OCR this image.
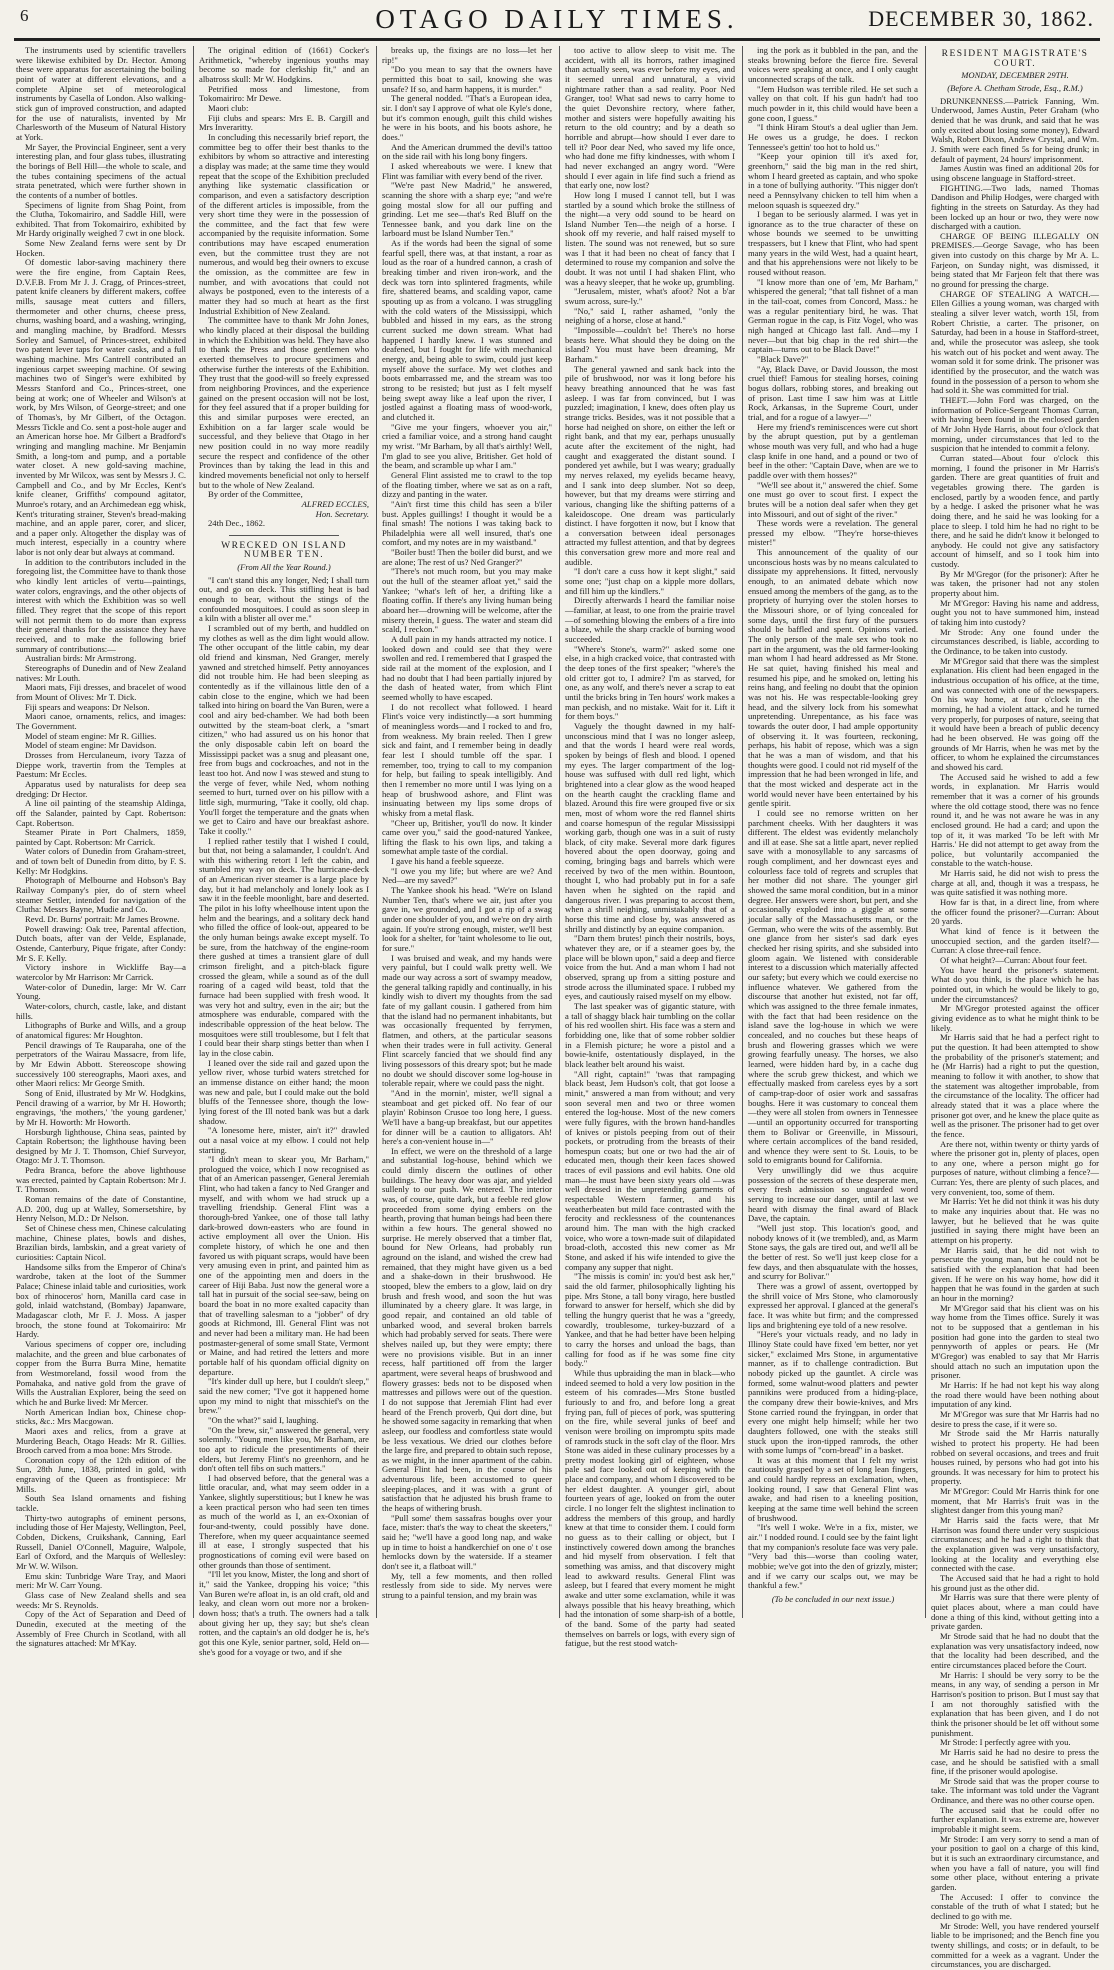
6	OTAGO DAILY TIMES.	DECEMBER 30, 1862.

The instruments used by scientific travellers were likewise exhibited by Dr. Hector. Among these were apparatus for ascertaining the boiling point of water at different elevations, and a complete Alpine set of meteorological instruments by Casella of London. Also walking-stick gun of improved construction, and adapted for the use of naturalists, invented by Mr Charlesworth of the Museum of Natural History at York.

Mr Sayer, the Provincial Engineer, sent a very interesting plan, and four glass tubes, illustrating the borings of Bell Hill—the whole to scale, and the tubes containing specimens of the actual strata penetrated, which were further shown in the contents of a number of bottles.

Specimens of lignite from Shag Point, from the Clutha, Tokomairiro, and Saddle Hill, were exhibited. That from Tokomairiro, exhibited by Mr Hardy originally weighed 7 cwt in one block.

Some New Zealand ferns were sent by Dr Hocken.

Of domestic labor-saving machinery there were the fire engine, from Captain Rees, D.V.F.B. From Mr J. J. Cragg, of Princes-street, patent knife cleaners by different makers, coffee mills, sausage meat cutters and fillers, thermometer and other churns, cheese press, churns, washing board, and a washing, wringing, and mangling machine, by Bradford. Messrs Sorley and Samuel, of Princes-street, exhibited two patent lever taps for water casks, and a full washing machine. Mrs Cantrell contributed an ingenious carpet sweeping machine. Of sewing machines two of Singer's were exhibited by Messrs Stanford and Co., Princes-street, one being at work; one of Wheeler and Wilson's at work, by Mrs Wilson, of George-street; and one of Thomas's, by Mr Gilbert, of the Octagon. Messrs Tickle and Co. sent a post-hole auger and an American horse hoe. Mr Gilbert a Bradford's wringing and mangling machine. Mr Benjamin Smith, a long-tom and pump, and a portable water closet. A new gold-saving machine, invented by Mr Wilcox, was sent by Messrs J. C. Campbell and Co., and by Mr Eccles, Kent's knife cleaner, Griffiths' compound agitator, Munroe's rotary, and an Archimedean egg whisk, Kent's triturating strainer, Steven's bread-making machine, and an apple parer, corer, and slicer, and a paper only. Altogether the display was of much interest, especially in a country where labor is not only dear but always at command.

In addition to the contributors included in the foregoing list, the Committee have to thank those who kindly lent articles of vertu—paintings, water colors, engravings, and the other objects of interest with which the Exhibition was so well filled. They regret that the scope of this report will not permit them to do more than express their general thanks for the assistance they have received, and to make the following brief summary of contributions:—

Australian birds: Mr Armstrong.

Stereographs of Dunedin and of New Zealand natives: Mr Louth.

Maori mats, Fiji dresses, and bracelet of wood from Mount of Olives: Mr T. Dick.

Fiji spears and weapons: Dr Nelson.

Maori canoe, ornaments, relics, and images: The Government.

Model of steam engine: Mr R. Gillies.

Model of steam engine: Mr Davidson.

Drosses from Herculaneum, ivory Tazza of Dieppe work, travertin from the Temples at Paestum: Mr Eccles.

Apparatus used by naturalists for deep sea dredging: Dr Hector.

A line oil painting of the steamship Aldinga, off the Salander, painted by Capt. Robertson: Capt. Robertson.

Steamer Pirate in Port Chalmers, 1859, painted by Capt. Robertson: Mr Carrick.

Water colors of Dunedin from Graham-street, and of town belt of Dunedin from ditto, by F. S. Kelly: Mr Hodgkins.

Photograph of Melbourne and Hobson's Bay Railway Company's pier, do of stern wheel steamer Settler, intended for navigation of the Clutha: Messrs Bayne, Mudie and Co.

Revd. Dr. Burns' portrait: Mr James Browne.

Powell drawing: Oak tree, Parental affection, Dutch boats, after van der Velde, Esplanade, Ostende, Canterbury, Pique frigate, after Condy: Mr S. F. Kelly.

Victory inshore in Wickliffe Bay—a watercolor by Mr Harrison: Mr Carrick.

Water-color of Dunedin, large: Mr W. Carr Young.

Water-colors, church, castle, lake, and distant hills.

Lithographs of Burke and Wills, and a group of anatomical figures: Mr Houghton.

Pencil drawings of Te Rauparaha, one of the perpetrators of the Wairau Massacre, from life, by Mr Edwin Abbott. Stereoscope showing successively 100 stereographs, Maori axes, and other Maori relics: Mr George Smith.

Song of Enid, illustrated by Mr W. Hodgkins, Pencil drawing of a warrior, by Mr H. Howorth; engravings, 'the mothers,' 'the young gardener,' by Mr H. Howorth: Mr Howorth.

Horsburgh lighthouse, China seas, painted by Captain Robertson; the lighthouse having been designed by Mr J. T. Thomson, Chief Surveyor, Otago: Mr J. T. Thomson.

Pedra Branca, before the above lighthouse was erected, painted by Captain Robertson: Mr J. T. Thomson.

Roman remains of the date of Constantine, A.D. 200, dug up at Walley, Somersetshire, by Henry Nelson, M.D.: Dr Nelson.

Set of Chinese chess men, Chinese calculating machine, Chinese plates, bowls and dishes, Brazilian birds, lambskin, and a great variety of curiosities: Captain Nicol.

Handsome silks from the Emperor of China's wardrobe, taken at the loot of the Summer Palace; Chinese inlaid table and curiosities, work box of rhinoceros' horn, Manilla card case in gold, inlaid watchstand, (Bombay) Japanware, Madagascar cloth, Mr F. J. Moss. A jasper brooch, the stone found at Tokomairiro: Mr Hardy.

Various specimens of copper ore, including malachite, and the green and blue carbonates of copper from the Burra Burra Mine, hematite from Westmoreland, fossil wood from the Pomahaka, and native gold from the grave of Wills the Australian Explorer, being the seed on which he and Burke lived: Mr Mercer.

North American Indian box, Chinese chop-sticks, &c.: Mrs Macgowan.

Maori axes and relics, from a grave at Murdering Beach, Otago Heads: Mr R. Gillies. Brooch carved from a moa bone: Mrs Strode.

Coronation copy of the 12th edition of the Sun, 28th June, 1838, printed in gold, with engraving of the Queen as frontispiece: Mr Mills.

South Sea Island ornaments and fishing tackle.

Thirty-two autographs of eminent persons, including those of Her Majesty, Wellington, Peel, Cobden, Dickens, Cruikshank, Canning, Earl Russell, Daniel O'Connell, Maguire, Walpole, Earl of Oxford, and the Marquis of Wellesley: Mr W. W. Wilson.

Emu skin: Tunbridge Ware Tray, and Maori meri: Mr W. Carr Young.

Glass case of New Zealand shells and sea weeds: Mr S. Reynolds.

Copy of the Act of Separation and Deed of Dunedin, executed at the meeting of the Assembly of Free Church in Scotland, with all the signatures attached: Mr M'Kay.

The original edition of (1661) Cocker's Arithmetick, "whereby ingenious youths may become so made for clerkship fit," and an albatross skull: Mr W. Hodgkins.

Petrified moss and limestone, from Tokomairiro: Mr Dewe.

Maori club:

Fiji clubs and spears: Mrs E. B. Cargill and Mrs Inveraritty.

In concluding this necessarily brief report, the committee beg to offer their best thanks to the exhibitors by whom so attractive and interesting a display was made; at the same time they would repeat that the scope of the Exhibition precluded anything like systematic classification or comparison, and even a satisfactory description of the different articles is impossible, from the very short time they were in the possession of the committee, and the fact that few were accompanied by the requisite information. Some contributions may have escaped enumeration even, but the committee trust they are not numerous, and would beg their owners to excuse the omission, as the committee are few in number, and with avocations that could not always be postponed, even to the interests of a matter they had so much at heart as the first Industrial Exhibition of New Zealand.

The committee have to thank Mr John Jones, who kindly placed at their disposal the building in which the Exhibition was held. They have also to thank the Press and those gentlemen who exerted themselves to procure specimens and otherwise further the interests of the Exhibition. They trust that the good-will so freely expressed from neighboring Provinces, and the experience gained on the present occasion will not be lost, for they feel assured that if a proper building for this and similar purposes were erected, an Exhibition on a far larger scale would be successful, and they believe that Otago in her new position could in no way more readily secure the respect and confidence of the other Provinces than by taking the lead in this and kindred movements beneficial not only to herself but to the whole of New Zealand.

By order of the Committee,

ALFRED ECCLES,

Hon. Secretary.

24th Dec., 1862.

WRECKED ON ISLAND NUMBER TEN.

(From All the Year Round.)

"I can't stand this any longer, Ned; I shall turn out, and go on deck. This stifling heat is bad enough to bear, without the stings of the confounded mosquitoes. I could as soon sleep in a kiln with a blister all over me."

I scrambled out of my berth, and huddled on my clothes as well as the dim light would allow. The other occupant of the little cabin, my dear old friend and kinsman, Ned Granger, merely yawned and stretched himself. Petty annoyances did not trouble him. He had been sleeping as contentedly as if the villainous little den of a cabin close to the engine, which we had been talked into hiring on board the Van Buren, were a cool and airy bed-chamber. We had both been outwitted by the steam-boat clerk, a "smart citizen," who had assured us on his honor that the only disposable cabin left on board the Mississippi packet was a snug and pleasant one, free from bugs and cockroaches, and not in the least too hot. And now I was stewed and stung to the verge of fever, while Ned, whom nothing seemed to hurt, turned over on his pillow with a little sigh, murmuring, "Take it coolly, old chap. You'll forget the temperature and the gnats when we get to Cairo and have our breakfast ashore. Take it coolly."

I replied rather testily that I wished I could, but that, not being a salamander, I couldn't. And with this withering retort I left the cabin, and stumbled my way on deck. The hurricane-deck of an American river steamer is a large place by day, but it had melancholy and lonely look as I saw it in the feeble moonlight, bare and deserted. The pilot in his lofty wheelhouse intent upon the helm and the bearings, and a solitary deck hand who filled the office of look-out, appeared to be the only human beings awake except myself. To be sure, from the hatchway of the engine-room there gushed at times a transient glare of dull crimson firelight, and a pitch-black figure crossed the gleam, while a sound as of the dull roaring of a caged wild beast, told that the furnace had been supplied with fresh wood. It was very hot and sultry, even in the air; but the atmosphere was endurable, compared with the indescribable oppression of the heat below. The mosquitoes were still troublesome, but I felt that I could bear their sharp stings better than when I lay in the close cabin.

I leaned over the side rail and gazed upon the yellow river, whose turbid waters stretched for an immense distance on either hand; the moon was new and pale, but I could make out the bold bluffs of the Tennessee shore, though the low-lying forest of the Ill noted bank was but a dark shadow.

"A lonesome here, mister, ain't it?" drawled out a nasal voice at my elbow. I could not help starting.

"I didn't mean to skear you, Mr Barham," prologued the voice, which I now recognised as that of an American passenger, General Jeremiah Flint, who had taken a fancy to Ned Granger and myself, and with whom we had struck up a travelling friendship. General Flint was a thorough-bred Yankee, one of those tall lathy dark-browed down-easters who are found in active employment all over the Union. His complete history, of which he one and then favored us with piquant scraps, would have been very amusing even in print, and painted him as one of the appointing men and doers in the career of Hiji Baba. Just now the general wore a tall hat in pursuit of the social see-saw, being on board the boat in no more exalted capacity than that of travelling salesman to a "jobber" of dry goods at Richmond, Ill. General Flint was not and never had been a military man. He had been postmaster-general of some small State, Vermont or Maine, and had retired the letters and more portable half of his quondam official dignity on departure.

"It's kinder dull up here, but I couldn't sleep," said the new comer; "I've got it happened home upon my mind to night that misschief's on the brew."

"On the what?" said I, laughing.

"On the brew, sir," answered the general, very solemnly. "Young men like you, Mr Barham, are too apt to ridicule the presentiments of their elders, but Jeremy Flint's no greenhorn, and he don't often tell fibs on such matters."

I had observed before, that the general was a little oracular, and, what may seem odder in a Yankee, slightly superstitious; but I knew he was a keen practical person who had seen ten times as much of the world as I, an ex-Oxonian of four-and-twenty, could possibly have done. Therefore, when my queer acquaintance seemed ill at ease, I strongly suspected that his prognostications of coming evil were based on other grounds than those of sentiment.

"I'll let you know, Mister, the long and short of it," said the Yankee, dropping his voice; "this Van Buren we're afloat in, is an old craft, old and leaky, and clean worn out more nor a broken-down hoss; that's a truth. The owners had a talk about giving her up, they say; but she's clean rotten, and the captain's an old dodger he is, he's got this one Kyle, senior partner, sold, Held on—she's good for a voyage or two, and if she

breaks up, the fixings are no loss—let her rip!"

"Do you mean to say that the owners have permitted this boat to sail, knowing she was unsafe? If so, and harm happens, it is murder."

The general nodded. "That's a European idea, sir. I don't say I approve of what ole Kyle's done, but it's common enough, guilt this child wishes he were in his boots, and his boots ashore, he does."

And the American drummed the devil's tattoo on the side rail with his long bony fingers.

I asked whereabouts we were. I knew that Flint was familiar with every bend of the river.

"We're past New Madrid," he answered, scanning the shore with a sharp eye; "and we're going mostal slow for all our puffing and grinding. Let me see—that's Red Bluff on the Tennessee bank, and you dark line on the larboard must be Island Number Ten."

As if the words had been the signal of some fearful spell, there was, at that instant, a roar as loud as the roar of a hundred cannon, a crash of breaking timber and riven iron-work, and the deck was torn into splintered fragments, while fire, shattered beams, and scalding vapor, came spouting up as from a volcano. I was struggling with the cold waters of the Mississippi, which bubbled and hissed in my ears, as the strong current sucked me down stream. What had happened I hardly knew. I was stunned and deafened, but I fought for life with mechanical energy, and, being able to swim, could just keep myself above the surface. My wet clothes and boots embarrassed me, and the stream was too strong to be resisted; but just as I felt myself being swept away like a leaf upon the river, I jostled against a floating mass of wood-work, and clutched it.

"Give me your fingers, whoever you air," cried a familiar voice, and a strong hand caught my wrist. "Mr Barham, by all that's airthly! Well, I'm glad to see you alive, Britisher. Get hold of the beam, and scramble up whar I am."

General Flint assisted me to crawl to the top of the floating timber, where we sat as on a raft, dizzy and panting in the water.

"Ain't first time this child has seen a b'iler bust. Apples guillings! I thought it would be a final smash! The notions I was taking back to Philadelphia were all well insured, that's one comfort, and my notes are in my waistband."

"Boiler bust! Then the boiler did burst, and we are alone; The rest of us? Ned Granger?"

"There's not much room, but you may make out the hull of the steamer afloat yet," said the Yankee; "what's left of her, a drifting like a floating coffin. If there's any living human being aboard her—drowning will be welcome, after the misery therein, I guess. The water and steam did scald, I reckon."

A dull pain in my hands attracted my notice. I looked down and could see that they were swollen and red. I remembered that I grasped the side rail at the moment of the explosion, and I had no doubt that I had been partially injured by the dash of heated water, from which Flint seemed wholly to have escaped.

I do not recollect what followed. I heard Flint's voice very indistinctly—a sort humming of meaningless words—and I rocked to and fro, from weakness. My brain reeled. Then I grew sick and faint, and I remember being in deadly fear lest I should tumble off the spar. I remember, too, trying to call to my companion for help, but failing to speak intelligibly. And then I remember no more until I was lying on a heap of brushwood ashore, and Flint was insinuating between my lips some drops of whisky from a metal flask.

"Cheer up, Britisher, you'll do now. It kinder came over you," said the good-natured Yankee, lifting the flask to his own lips, and taking a somewhat ample taste of the cordial.

I gave his hand a feeble squeeze.

"I owe you my life; but where are we? And Ned—are my saved?"

The Yankee shook his head. "We're on Island Number Ten, that's where we air, just after you gave in, we grounded, and I got a rip of a swag under one shoulder of you, and we're on dry airth again. If you're strong enough, mister, we'll best look for a shelter, for 'taint wholesome to lie out, for sure."

I was bruised and weak, and my hands were very painful, but I could walk pretty well. We made our way across a sort of swampy meadow, the general talking rapidly and continually, in his kindly wish to divert my thoughts from the sad fate of my gallant cousin. I gathered from him that the island had no permanent inhabitants, but was occasionally frequented by ferrymen, flatmen, and others, at the particular seasons when their trades were in full activity. General Flint scarcely fancied that we should find any living possessors of this dreary spot; but he made no doubt we should discover some log-house in tolerable repair, where we could pass the night.

"And in the mornin', mister, we'll signal a steamboat and get picked off. No fear of our playin' Robinson Crusoe too long here, I guess. We'll have a bang-up breakfast, but our appetites for dinner will be a caution to alligators. Ah! here's a con-venient house in—"

In effect, we were on the threshold of a large and substantial log-house, behind which we could dimly discern the outlines of other buildings. The heavy door was ajar, and yielded sullenly to our push. We entered. The interior was, of course, quite dark, but a feeble red glow proceeded from some dying embers on the hearth, proving that human beings had been there within a few hours. The general showed no surprise. He merely observed that a timber flat, bound for New Orleans, had probably run aground on the island, and wished the crew had remained, that they might have given us a bed and a shake-down in their brushwood. He stooped, blew the embers to a glow, laid on dry brush and fresh wood, and soon the hut was illuminated by a cheery glare. It was large, in good repair, and contained an old table of unbarked wood, and several broken barrels which had probably served for seats. There were shelves nailed up, but they were empty; there were no provisions visible. But in an inner recess, half partitioned off from the larger apartment, were several heaps of brushwood and flowery grasses: beds not to be disposed when mattresses and pillows were out of the question. I do not suppose that Jeremiah Flint had ever heard of the French proverb, Qui dort dine, but he showed some sagacity in remarking that when asleep, our foodless and comfortless state would be less vexatious. We dried our clothes before the large fire, and prepared to obtain such repose, as we might, in the inner apartment of the cabin. General Flint had been, in the course of his adventurous life, been accustomed to queer sleeping-places, and it was with a grunt of satisfaction that he adjusted his brush frame to the heaps of withering brush.

"Pull some' them sassafras boughs over your face, mister: that's the way to cheat the skeeters," said he; "we'll have a good long nap, and wake up in time to hoist a handkerchief on one o' t ose hemlocks down by the waterside. If a steamer don't see it, a flatboat will."

My, tell a few moments, and then rolled restlessly from side to side. My nerves were strung to a painful tension, and my brain was

too active to allow sleep to visit me. The accident, with all its horrors, rather imagined than actually seen, was ever before my eyes, and it seemed unreal and unnatural, a vivid nightmare rather than a sad reality. Poor Ned Granger, too! What sad news to carry home to the quiet Devonshire rectory, where father, mother and sisters were hopefully awaiting his return to the old country; and by a death so horrible and abrupt—how should I ever dare to tell it? Poor dear Ned, who saved my life once, who had done me fifty kindnesses, with whom I had never exchanged an angry word. "Were should I ever again in life find such a friend as that early one, now lost?

How long I mused I cannot tell, but I was startled by a sound which broke the stillness of the night—a very odd sound to be heard on Island Number Ten—the neigh of a horse. I shook off my reverie, and half raised myself to listen. The sound was not renewed, but so sure was I that it had been no cheat of fancy that I determined to rouse my companion and solve the doubt. It was not until I had shaken Flint, who was a heavy sleeper, that he woke up, grumbling.

"Jerusalem, mister, what's afoot? Not a b'ar swum across, sure-ly."

"No," said I, rather ashamed, "only the neighing of a horse, close at hand."

"Impossible—couldn't be! There's no horse beasts here. What should they be doing on the island? You must have been dreaming, Mr Barham."

The general yawned and sank back into the pile of brushwood, nor was it long before his heavy breathing announced that he was fast asleep. I was far from convinced, but I was puzzled; imagination, I knew, does often play us strange tricks. Besides, was it not possible that a horse had neighed on shore, on either the left or right bank, and that my ear, perhaps unusually acute after the excitement of the night, had caught and exaggerated the distant sound. I pondered yet awhile, but I was weary; gradually my nerves relaxed, my eyelids became heavy, and I sank into deep slumber. Not so deep, however, but that my dreams were stirring and various, changing like the shifting patterns of a kaleidoscope. One dream was particularly distinct. I have forgotten it now, but I know that a conversation between ideal personages attracted my fullest attention, and that by degrees this conversation grew more and more real and audible.

"I don't care a cuss how it kept slight," said some one; "just chap on a kipple more dollars, and fill him up the kindlers."

Directly afterwards I heard the familiar noise—familiar, at least, to one from the prairie travel—of something blowing the embers of a fire into a blaze, while the sharp crackle of burning wood succeeded.

"Where's Stone's, warm?" asked some one else, in a high cracked voice, that contrasted with the deep tones of the first speaker; "where's the old critter got to, I admire? I'm as starved, for one, as any wolf, and there's never a scrap to eat until the bricks bring in Ten hours' work makes a man peckish, and no mistake. Wait for it. Lift it for them boys."

Vaguely the thought dawned in my half-unconscious mind that I was no longer asleep, and that the words I heard were real words, spoken by beings of flesh and blood. I opened my eyes. The larger compartment of the log-house was suffused with dull red light, which brightened into a clear glow as the wood heaped on the hearth caught the crackling flame and blazed. Around this fire were grouped five or six men, most of whom wore the red flannel shirts and coarse homespun of the regular Mississippi working garb, though one was in a suit of rusty black, of city make. Several more dark figures hovered about the open doorway, going and coming, bringing bags and barrels which were received by two of the men within. Bountoon, thought I, who had probably put in for a safe haven when he sighted on the rapid and dangerous river. I was preparing to accost them, when a shrill neighing, unmistakably that of a horse this time and close by, was answered as shrilly and distinctly by an equine companion.

"Darn them brutes! pinch their nostrils, boys, whatever they are, or if a steamer goes by, the place will be blown upon," said a deep and fierce voice from the hut. And a man whom I had not observed, sprang up from a sitting posture and strode across the illuminated space. I rubbed my eyes, and cautiously raised myself on my elbow.

The last speaker was of gigantic stature, with a tall of shaggy black hair tumbling on the collar of his red woollen shirt. His face was a stern and forbidding one, like that of some robber soldier in a Flemish picture; he wore a pistol and a bowie-knife, ostentatiously displayed, in the black leather belt around his waist.

"All right, captain!" 'twas that rampaging black beast, Jem Hudson's colt, that got loose a minit," answered a man from without; and very soon several men and two or three women entered the log-house. Most of the new comers were fully figures, with the brown hand-handles of knives or pistols peeping from out of their pockets, or protruding from the breasts of their homespun coats; but one or two had the air of educated men, though their keen faces showed traces of evil passions and evil habits. One old man—he must have been sixty years old —was well dressed in the unpretending garments of respectable Western farmer, and his weatherbeaten but mild face contrasted with the ferocity and recklessness of the countenances around him. The man with the high cracked voice, who wore a town-made suit of dilapidated broad-cloth, accosted this new comer as Mr Stone, and asked if his wife intended to give the company any supper that night.

"The missis is comin' in: you'd best ask her," said the old farmer, philosophically lighting his pipe. Mrs Stone, a tall bony virago, here bustled forward to answer for herself, which she did by telling the hungry querist that he was a "greedy, cowardly, troublesome, turkey-buzzard of a Yankee, and that he had better have been helping to carry the horses and unload the bags, than calling for food as if he was some fine city body."

While thus upbraiding the man in black—who indeed seemed to hold a very low position in the esteem of his comrades—Mrs Stone bustled furiously to and fro, and before long a great frying pan, full of pieces of pork, was sputtering on the fire, while several junks of beef and venison were broiling on impromptu spits made of ramrods stuck in the soft clay of the floor. Mrs Stone was aided in these culinary processes by a pretty modest looking girl of eighteen, whose pale sad face looked out of keeping with the place and company, and whom I discovered to be her eldest daughter. A younger girl, about fourteen years of age, looked on from the outer circle. I no longer felt the slightest inclination to address the members of this group, and hardly knew at that time to consider them. I could form no guess as to their calling or object, but I instinctively cowered down among the branches and hid myself from observation. I felt that something was amiss, and that discovery might lead to awkward results. General Flint was asleep, but I feared that every moment he might awake and utter some exclamation, while it was always possible that his heavy breathing, which had the intonation of some sharp-ish of a bottle, of the band. Some of the party had seated themselves on barrels or logs, with every sign of fatigue, but the rest stood watch-

ing the pork as it bubbled in the pan, and the steaks browning before the fierce fire. Several voices were speaking at once, and I only caught unconnected scraps of the talk.

"Jem Hudson was terrible riled. He set such a valley on that colt. If his gun hadn't had too much powder in it, this child would have been a gone coon, I guess."

"I think Hiram Stout's a deal uglier than Jem. He owes us a grudge, he does. I reckon Tennessee's gettin' too hot to hold us."

"Keep your opinion till it's axed for, greenhorn," said the big man in the red shirt, whom I heard greeted as captain, and who spoke in a tone of bullying authority. "This nigger don't need a Pennsylvany chicken to tell him when a meloon squash is squeezed dry."

I began to be seriously alarmed. I was yet in ignorance as to the true character of these on whose bounds we seemed to be unwitting trespassers, but I knew that Flint, who had spent many years in the wild West, had a quaint heart, and that his apprehensions were not likely to be roused without reason.

"I know more than one of 'em, Mr Barham," whispered the general; "that tall fishnet of a man in the tail-coat, comes from Concord, Mass.: he was a regular penitentiary bird, he was. That German rogue in the cap, is Fitz Vogel, who was nigh hanged at Chicago last fall. And—my I never—but that big chap in the red shirt—the captain—turns out to be Black Dave!"

"Black Dave?"

"Ay, Black Dave, or David Jousson, the most cruel thief! Famous for stealing horses, coining bogus dollars, robbing stores, and breaking out of prison. Last time I saw him was at Little Rock, Arkansas, in the Supreme Court, under trial, and for a rogue of a lawyer—"

Here my friend's reminiscences were cut short by the abrupt question, put by a gentleman whose mouth was very full, and who had a huge clasp knife in one hand, and a pound or two of beef in the other: "Captain Dave, when are we to paddle over with them hosses?"

"We'll see about it," answered the chief. Some one must go over to scout first. I expect the brutes will be a notion deal safer when they get into Missouri, and out of sight of the river."

These words were a revelation. The general pressed my elbow. "They're horse-thieves mister!"

This announcement of the quality of our unconscious hosts was by no means calculated to dissipate my apprehensions. It fitted, nervously enough, to an animated debate which now ensued among the members of the gang, as to the propriety of hurrying over the stolen horses to the Missouri shore, or of lying concealed for some days, until the first fury of the pursuers should be baffled and spent. Opinions varied. The only person of the male sex who took no part in the argument, was the old farmer-looking man whom I had heard addressed as Mr Stone. He sat quiet, having finished his meal and resumed his pipe, and he smoked on, letting his reins hang, and feeling no doubt that the opinion was not his. He was respectable-looking grey head, and the silvery lock from his somewhat unpretending. Unrepentance, as his face was towards the outer door, I had ample opportunity of observing it. It was fourteen, reckoning, perhaps, his habit of repose, which was a sign that he was a man of wisdom, and that his thoughts were good. I could not rid myself of the impression that he had been wronged in life, and that the most wicked and desperate act in the world would never have been entertained by his gentle spirit.

I could see no remorse written on her parchment cheeks. With her daughters it was different. The eldest was evidently melancholy and ill at ease. She sat a little apart, never replied save with a monosyllable to any sarcasms of rough compliment, and her downcast eyes and colourless face told of regrets and scruples that her mother did not share. The younger girl showed the same moral condition, but in a minor degree. Her answers were short, but pert, and she occasionally exploded into a giggle at some jocular sally of the Massachusetts man, or the German, who were the wits of the assembly. But one glance from her sister's sad dark eyes checked her rising spirits, and she subsided into gloom again. We listened with considerable interest to a discussion which materially affected our safety; but every which we could exercise no influence whatever. We gathered from the discourse that another hut existed, not far off, which was assigned to the three female inmates, with the fact that had been residence on the island save the log-house in which we were concealed, and no couches but these heaps of brush and flowering grasses which we were growing fearfully uneasy. The horses, we also learned, were hidden hard by, in a cache dug where the scrub grew thickest, and which we effectually masked from careless eyes by a sort of camp-trap-door of osier work and sassafras boughs. Here it was customary to conceal them—they were all stolen from owners in Tennessee—until an opportunity occurred for transporting them to Bolivar or Greenville, in Missouri, where certain accomplices of the band resided, and whence they were sent to St. Louis, to be sold to emigrants bound for California.

Very unwillingly did we thus acquire possession of the secrets of these desperate men, every fresh admission so unguarded word serving to increase our danger, until at last we heard with dismay the final award of Black Dave, the captain.

"Well just stop. This location's good, and nobody knows of it (we trembled), and, as Marm Stone says, the gals are tired out, and we'll all be the better of rest. So we'll just keep close for a few days, and then absquatulate with the hosses, and scurry for Bolivar."

There was a growl of assent, overtopped by the shrill voice of Mrs Stone, who clamorously expressed her approval. I glanced at the general's face. It was white but firm; and the compressed lips and brightening eye told of a new resolve.

"Here's your victuals ready, and no lady in Illinoy State could have fixed 'em better, nor yet sicker," exclaimed Mrs Stone, in argumentative manner, as if to challenge contradiction. But nobody picked up the gauntlet. A circle was formed, some walnut-wood platters and pewter pannikins were produced from a hiding-place, the company drew their bowie-knives, and Mrs Stone carried round the fryingpan, in order that every one might help himself; while her two daughters followed, one with the steaks still stuck upon the iron-tipped ramrods, the other with some lumps of "corn-bread" in a basket.

It was at this moment that I felt my wrist cautiously grasped by a set of long lean fingers, and could hardly repress an exclamation, when, looking round, I saw that General Flint was awake, and had risen to a kneeling position, keeping at the same time well behind the screen of brushwood.

"It's well I woke. We're in a fix, mister, we air." I nodded round. I could see by the faint light that my companion's resolute face was very pale. "Very bad this—worse than cooling water, mobbie; we've got into the den of grizzly, mister; and if we carry our scalps out, we may be thankful a few."

(To be concluded in our next issue.)

RESIDENT MAGISTRATE'S COURT.

MONDAY, DECEMBER 29TH.

(Before A. Chetham Strode, Esq., R.M.)

DRUNKENNESS.—Patrick Fanning, Wm. Underwood, James Austin, Peter Graham (who denied that he was drunk, and said that he was only excited about losing some money), Edward Walsh, Robert Dixon, Andrew Crystal, and Wm. J. Smith were each fined 5s for being drunk; in default of payment, 24 hours' imprisonment.

James Austin was fined an additional 20s for using obscene language in Stafford-street.

FIGHTING.—Two lads, named Thomas Dandison and Philip Hodges, were charged with fighting in the streets on Saturday. As they had been locked up an hour or two, they were now discharged with a caution.

CHARGE OF BEING ILLEGALLY ON PREMISES.—George Savage, who has been given into custody on this charge by Mr A. L. Farjeon, on Sunday night, was dismissed, it being stated that Mr Farjeon felt that there was no ground for pressing the charge.

CHARGE OF STEALING A WATCH.—Ellen Gillies a young woman, was charged with stealing a silver lever watch, worth 15l, from Robert Christie, a carter. The prisoner, on Saturday, had been in a house in Stafford-street, and, while the prosecutor was asleep, she took his watch out of his pocket and went away. The woman sold it for some drink. The prisoner was identified by the prosecutor, and the watch was found in the possession of a person to whom she had sold it. She was committed for trial.

THEFT.—John Ford was charged, on the information of Police-Sergeant Thomas Curran, with having been found in the enclosed garden of Mr John Hyde Harris, about four o'clock that morning, under circumstances that led to the suspicion that he intended to commit a felony.

Curran stated—About four o'clock this morning, I found the prisoner in Mr Harris's garden. There are great quantities of fruit and vegetables growing there. The garden is enclosed, partly by a wooden fence, and partly by a hedge. I asked the prisoner what he was doing there, and he said he was looking for a place to sleep. I told him he had no right to be there, and he said he didn't know it belonged to anybody. He could not give any satisfactory account of himself, and so I took him into custody.

By Mr M'Gregor (for the prisoner): After he was taken, the prisoner had not any stolen property about him.

Mr M'Gregor: Having his name and address, ought you not to have summoned him, instead of taking him into custody?

Mr Strode: Any one found under the circumstances described, is liable, according to the Ordinance, to be taken into custody.

Mr M'Gregor said that there was the simplest explanation. His client had been engaged in the industrious occupation of his office, at the time, and was connected with one of the newspapers. On his way home, at four o'clock in the morning, he had a violent attack, and he turned very properly, for purposes of nature, seeing that it would have been a breach of public decency had he been observed. He was going off the grounds of Mr Harris, when he was met by the officer, to whom he explained the circumstances and showed his card.

The Accused said he wished to add a few words, in explanation. Mr Harris would remember that it was a corner of his grounds where the old cottage stood, there was no fence round it, and he was not aware he was in any enclosed ground. He had a card; and upon the top of it, it was marked 'To be left with Mr Harris.' He did not attempt to get away from the police, but voluntarily accompanied the constable to the watch-house.

Mr Harris said, he did not wish to press the charge at all, and, though it was a trespass, he was quite satisfied it was nothing more.

How far is that, in a direct line, from where the officer found the prisoner?—Curran: About 20 yards.

What kind of fence is it between the unoccupied section, and the garden itself?—Curran: A close three-rail fence.

Of what height?—Curran: About four feet.

You have heard the prisoner's statement. What do you think, is the place which he has pointed out, in which he would be likely to go, under the circumstances?

Mr M'Gregor protested against the officer giving evidence as to what he might think to be likely.

Mr Harris said that he had a perfect right to put the question. It had been attempted to show the probability of the prisoner's statement; and he (Mr Harris) had a right to put the question, meaning to follow it with another, to show that the statement was altogether improbable, from the circumstance of the locality. The officer had already stated that it was a place where the prisoner got over, and he knew the place quite as well as the prisoner. The prisoner had to get over the fence.

Are there not, within twenty or thirty yards of where the prisoner got in, plenty of places, open to any one, where a person might go for purposes of nature, without climbing a fence?—Curran: Yes, there are plenty of such places, and very convenient, too, some of them.

Mr Harris: Yet he did not think it was his duty to make any inquiries about that. He was no lawyer, but he believed that he was quite justified in saying there might have been an attempt on his property.

Mr Harris said, that he did not wish to persecute the young man, but he could not be satisfied with the explanation that had been given. If he were on his way home, how did it happen that he was found in the garden at such an hour in the morning?

Mr M'Gregor said that his client was on his way home from the Times office. Surely it was not to be supposed that a gentleman in his position had gone into the garden to steal two pennyworth of apples or pears. He (Mr M'Gregor) was enabled to say that Mr Harris should attach no such an imputation upon the prisoner.

Mr Harris: If he had not kept his way along the road there would have been nothing about imputation of any kind.

Mr M'Gregor was sure that Mr Harris had no desire to press the case, if it were so.

Mr Strode said the Mr Harris naturally wished to protect his property. He had been robbed on several occasions, and trees and fruit houses ruined, by persons who had got into his grounds. It was necessary for him to protect his property.

Mr M'Gregor: Could Mr Harris think for one moment, that Mr Harris's fruit was in the slightest danger from this young man?

Mr Harris said the facts were, that Mr Harrison was found there under very suspicious circumstances; and he had a right to think that the explanation given was very unsatisfactory, looking at the locality and everything else connected with the case.

The Accused said that he had a right to hold his ground just as the other did.

Mr Harris was sure that there were plenty of quiet places about, where a man could have done a thing of this kind, without getting into a private garden.

Mr Strode said that he had no doubt that the explanation was very unsatisfactory indeed, now that the locality had been described, and the entire circumstances placed before the Court.

Mr Harris: I should be very sorry to be the means, in any way, of sending a person in Mr Harrison's position to prison. But I must say that I am not thoroughly satisfied with the explanation that has been given, and I do not think the prisoner should be let off without some punishment.

Mr Strode: I perfectly agree with you.

Mr Harris said he had no desire to press the case, and he should be satisfied with a small fine, if the prisoner would apologise.

Mr Strode said that was the proper course to take. The informant was told under the Vagrant Ordinance, and there was no other course open.

The accused said that he could offer no further explanation. It was extreme are, however improbable it might seem.

Mr Strode: I am very sorry to send a man of your position to gaol on a charge of this kind, but it is such an extraordinary circumstance, and when you have a fall of nature, you will find some other place, without entering a private garden.

The Accused: I offer to convince the constable of the truth of what I stated; but he declined to go with me.

Mr Strode: Well, you have rendered yourself liable to be imprisoned; and the Bench fine you twenty shillings, and costs; or in default, to be committed for a week as a vagrant. Under the circumstances, you are discharged.
